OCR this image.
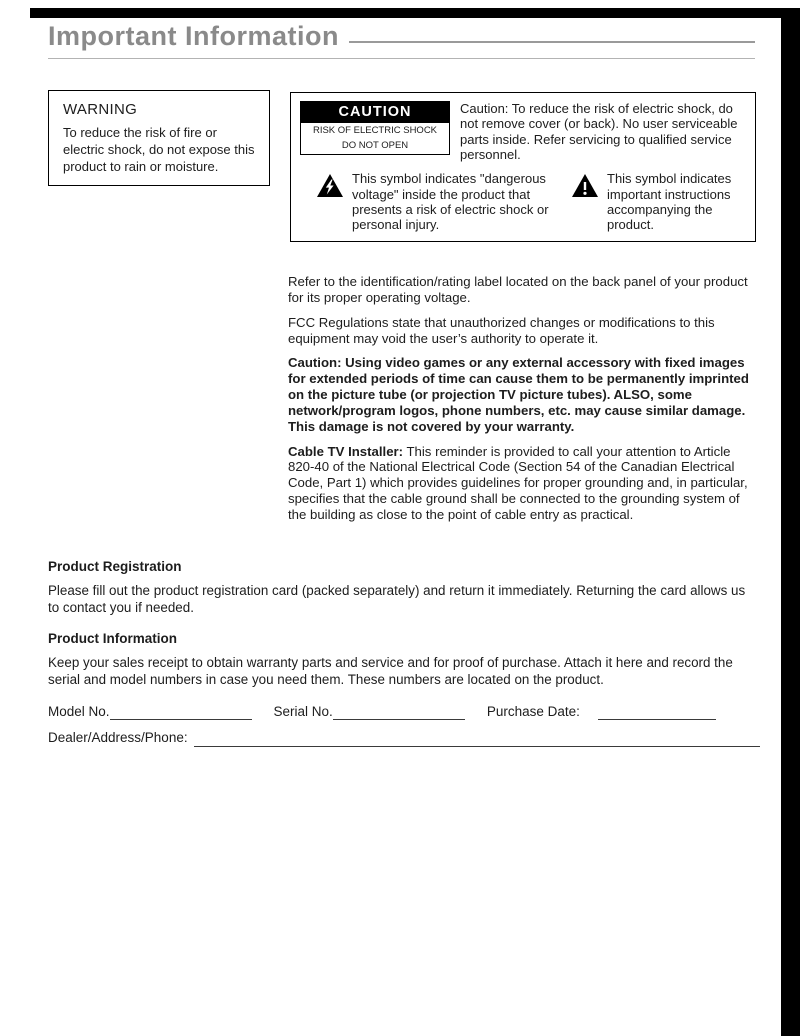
Important Information
WARNING
To reduce the risk of fire or electric shock, do not expose this product to rain or moisture.
CAUTION
RISK OF ELECTRIC SHOCK
DO NOT OPEN
Caution: To reduce the risk of electric shock, do not remove cover (or back). No user serviceable parts inside. Refer servicing to qualified service personnel.
This symbol indicates "dangerous voltage" inside the product that presents a risk of electric shock or personal injury.
This symbol indicates important instructions accompanying the product.

Refer to the identification/rating label located on the back panel of your product for its proper operating voltage.

FCC Regulations state that unauthorized changes or modifications to this equipment may void the user’s authority to operate it.

Caution: Using video games or any external accessory with fixed images for extended periods of time can cause them to be permanently imprinted on the picture tube (or projection TV picture tubes). ALSO, some network/program logos, phone numbers, etc. may cause similar damage. This damage is not covered by your warranty.

Cable TV Installer: This reminder is provided to call your attention to Article 820-40 of the National Electrical Code (Section 54 of the Canadian Electrical Code, Part 1) which provides guidelines for proper grounding and, in particular, specifies that the cable ground shall be connected to the grounding system of the building as close to the point of cable entry as practical.

Product Registration
Please fill out the product registration card (packed separately) and return it immediately. Returning the card allows us to contact you if needed.
Product Information
Keep your sales receipt to obtain warranty parts and service and for proof of purchase. Attach it here and record the serial and model numbers in case you need them. These numbers are located on the product.
Model No.	Serial No.	Purchase Date:
Dealer/Address/Phone:
